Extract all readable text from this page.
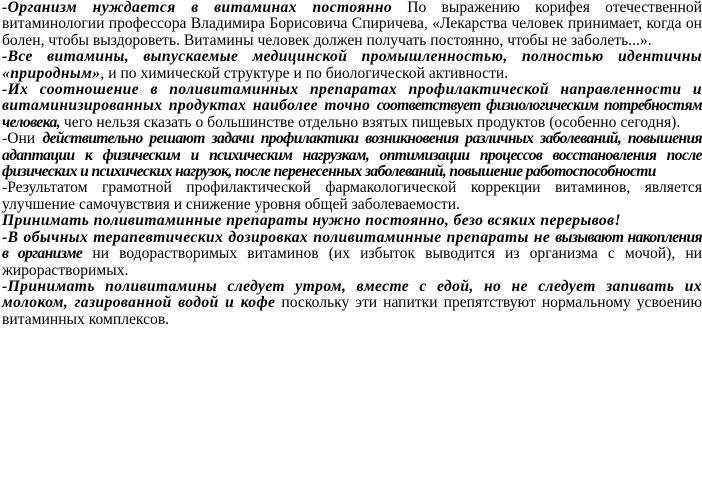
-Организм нуждается в витаминах постоянно По выражению корифея отечественной витаминологии профессора Владимира Борисовича Спиричева, «Лекарства человек принимает, когда он болен, чтобы выздороветь. Витамины человек должен получать постоянно, чтобы не заболеть...».

-Все витамины, выпускаемые медицинской промышленностью, полностью идентичны «природным», и по химической структуре и по биологической активности.

-Их соотношение в поливитаминных препаратах профилактической направленности и витаминизированных продуктах наиболее точно соответствует физиологическим потребностям человека, чего нельзя сказать о большинстве отдельно взятых пищевых продуктов (особенно сегодня).

-Они действительно решают задачи профилактики возникновения различных заболеваний, повышения адаптации к физическим и психическим нагрузкам, оптимизации процессов восстановления после физических и психических нагрузок, после перенесенных заболеваний, повышение работоспособности

-Результатом грамотной профилактической фармакологической коррекции витаминов, является улучшение самочувствия и снижение уровня общей заболеваемости.

Принимать поливитаминные препараты нужно постоянно, безо всяких перерывов!

-В обычных терапевтических дозировках поливитаминные препараты не вызывают накопления в организме ни водорастворимых витаминов (их избыток выводится из организма с мочой), ни жирорастворимых.

-Принимать поливитамины следует утром, вместе с едой, но не следует запивать их молоком, газированной водой и кофе поскольку эти напитки препятствуют нормальному усвоению витаминных комплексов.
